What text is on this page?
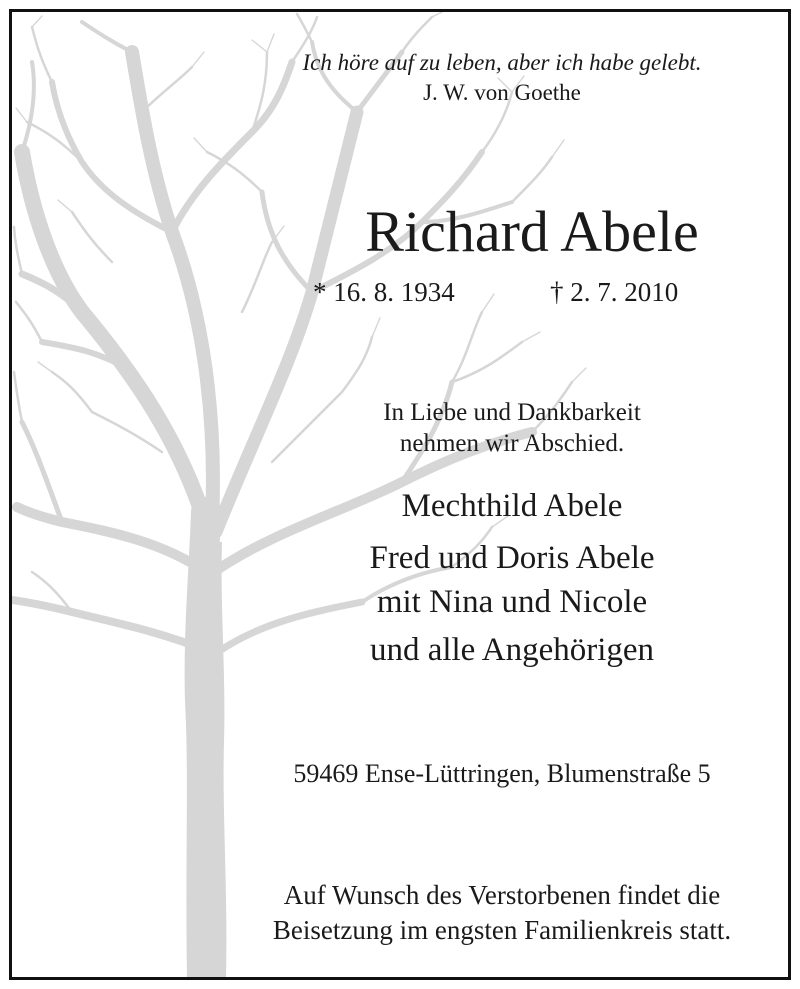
Ich höre auf zu leben, aber ich habe gelebt.
J. W. von Goethe
Richard Abele
* 16. 8. 1934	† 2. 7. 2010
In Liebe und Dankbarkeit
nehmen wir Abschied.
Mechthild Abele
Fred und Doris Abele
mit Nina und Nicole
und alle Angehörigen
59469 Ense-Lüttringen, Blumenstraße 5
Auf Wunsch des Verstorbenen findet die
Beisetzung im engsten Familienkreis statt.
